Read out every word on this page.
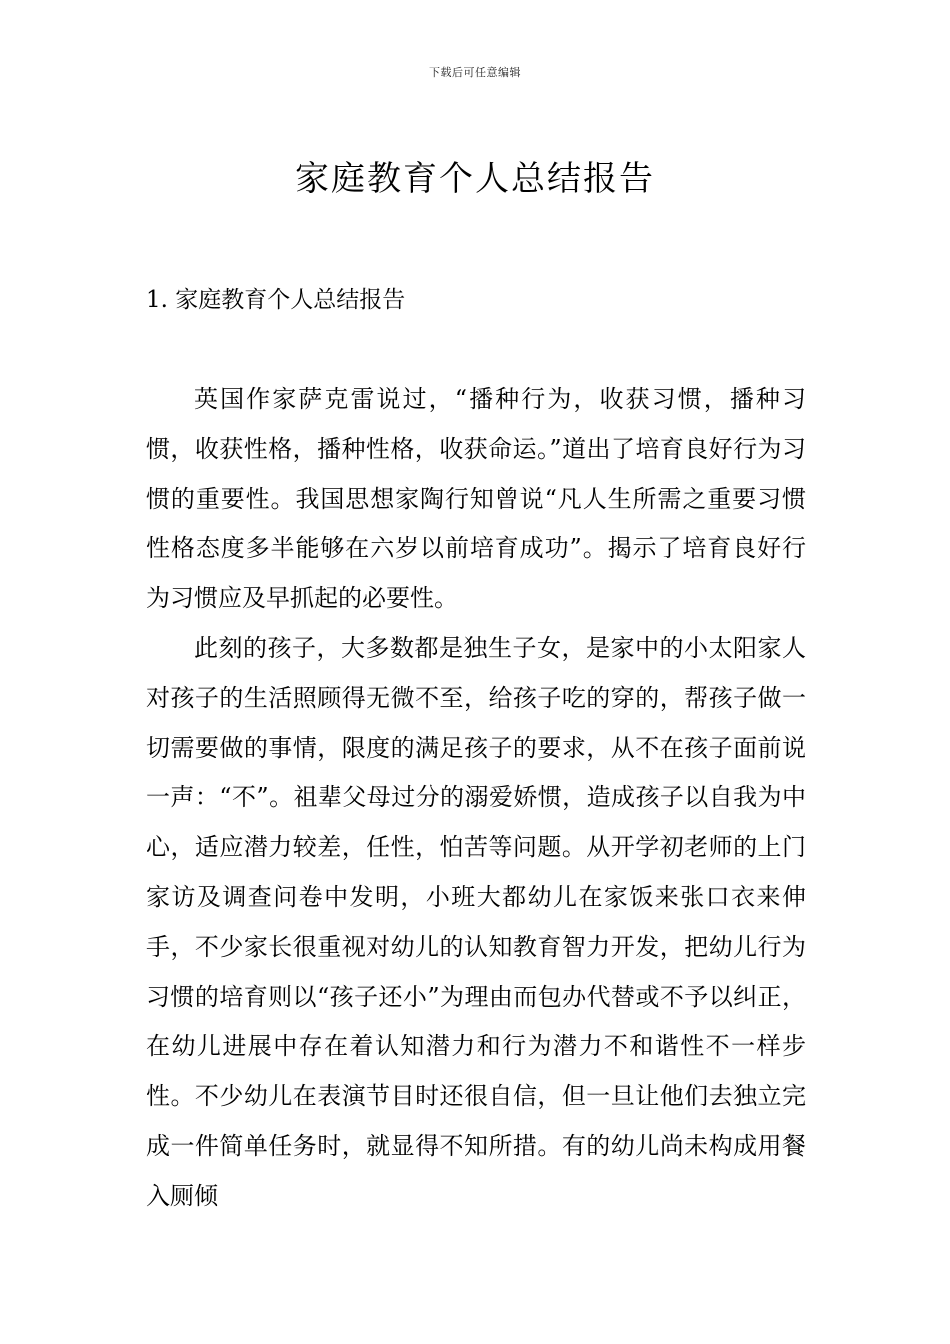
下载后可任意编辑
家庭教育个人总结报告
1. 家庭教育个人总结报告

英国作家萨克雷说过，“播种行为，收获习惯，播种习惯，收获性格，播种性格，收获命运。”道出了培育良好行为习惯的重要性。我国思想家陶行知曾说“凡人生所需之重要习惯性格态度多半能够在六岁以前培育成功”。揭示了培育良好行为习惯应及早抓起的必要性。

此刻的孩子，大多数都是独生子女，是家中的小太阳家人对孩子的生活照顾得无微不至，给孩子吃的穿的，帮孩子做一切需要做的事情，限度的满足孩子的要求，从不在孩子面前说一声：“不”。祖辈父母过分的溺爱娇惯，造成孩子以自我为中心，适应潜力较差，任性，怕苦等问题。从开学初老师的上门家访及调查问卷中发明，小班大都幼儿在家饭来张口衣来伸手，不少家长很重视对幼儿的认知教育智力开发，把幼儿行为习惯的培育则以“孩子还小”为理由而包办代替或不予以纠正，在幼儿进展中存在着认知潜力和行为潜力不和谐性不一样步性。不少幼儿在表演节目时还很自信，但一旦让他们去独立完成一件简单任务时，就显得不知所措。有的幼儿尚未构成用餐入厕倾
